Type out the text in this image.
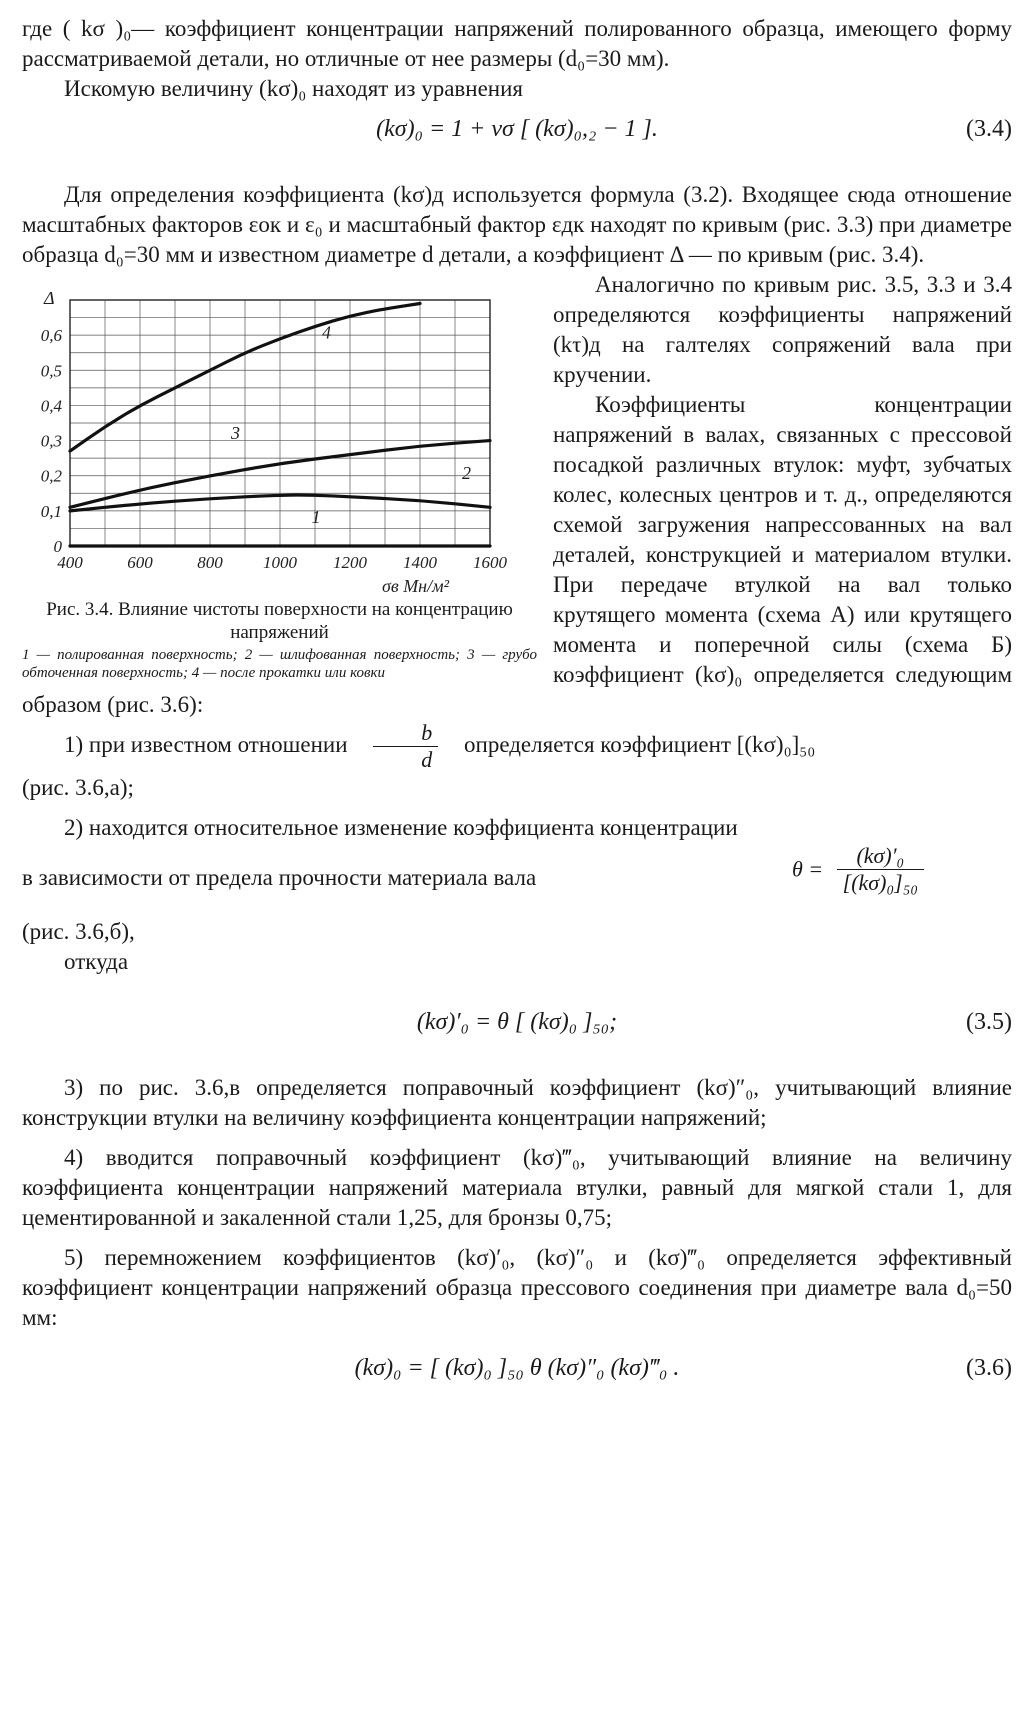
где ( kσ )₀— коэффициент концентрации напряжений полированного образца, имеющего форму рассматриваемой детали, но отличные от нее размеры (d₀=30 мм).

Искомую величину (kσ)₀ находят из уравнения

(kσ)₀ = 1 + νσ [ (kσ)₀,₂ − 1 ].	(3.4)

Для определения коэффициента (kσ)д используется формула (3.2). Входящее сюда отношение масштабных факторов εок и ε₀ и масштабный фактор εдк находят по кривым (рис. 3.3) при диаметре образца d₀=30 мм и известном диаметре d детали, а коэффициент Δ — по кривым (рис. 3.4).

400	600	800 1000 1200 1400 1600
0
0,1
0,2
0,3
0,4
0,5
0,6
Δ
σв Мн/м²
4
3
2
1
Рис. 3.4. Влияние чистоты поверхности на концентрацию напряжений
1 — полированная поверхность; 2 — шлифованная поверхность; 3 — грубо обточенная поверхность; 4 — после прокатки или ковки

Аналогично по кривым рис. 3.5, 3.3 и 3.4 определяются коэффициенты напряжений (kτ)д на галтелях сопряжений вала при кручении.

Коэффициенты концентрации напряжений в валах, связанных с прессовой посадкой различных втулок: муфт, зубчатых колес, колесных центров и т. д., определяются схемой загружения напрессованных на вал деталей, конструкцией и материалом втулки. При передаче втулкой на вал только крутящего момента (схема А) или крутящего момента и поперечной силы (схема Б) коэффициент (kσ)₀ определяется следующим образом (рис. 3.6):

1) при известном отношении $\frac{b}{d}$ определяется коэффициент [(kσ)₀]₅₀

(рис. 3.6,а);

2) находится относительное изменение коэффициента концентрации

в зависимости от предела прочности материала вала	$\theta = \frac{\text{(kσ)′₀}}{\text{[(kσ)₀]₅₀}}$

(рис. 3.6,б),

откуда

(kσ)′₀ = θ [ (kσ)₀ ]₅₀;	(3.5)

3) по рис. 3.6,в определяется поправочный коэффициент (kσ)″₀, учитывающий влияние конструкции втулки на величину коэффициента концентрации напряжений;

4) вводится поправочный коэффициент (kσ)‴₀, учитывающий влияние на величину коэффициента концентрации напряжений материала втулки, равный для мягкой стали 1, для цементированной и закаленной стали 1,25, для бронзы 0,75;

5) перемножением коэффициентов (kσ)′₀, (kσ)″₀ и (kσ)‴₀ определяется эффективный коэффициент концентрации напряжений образца прессового соединения при диаметре вала d₀=50 мм:

(kσ)₀ = [ (kσ)₀ ]₅₀ θ (kσ)″₀ (kσ)‴₀ .	(3.6)
